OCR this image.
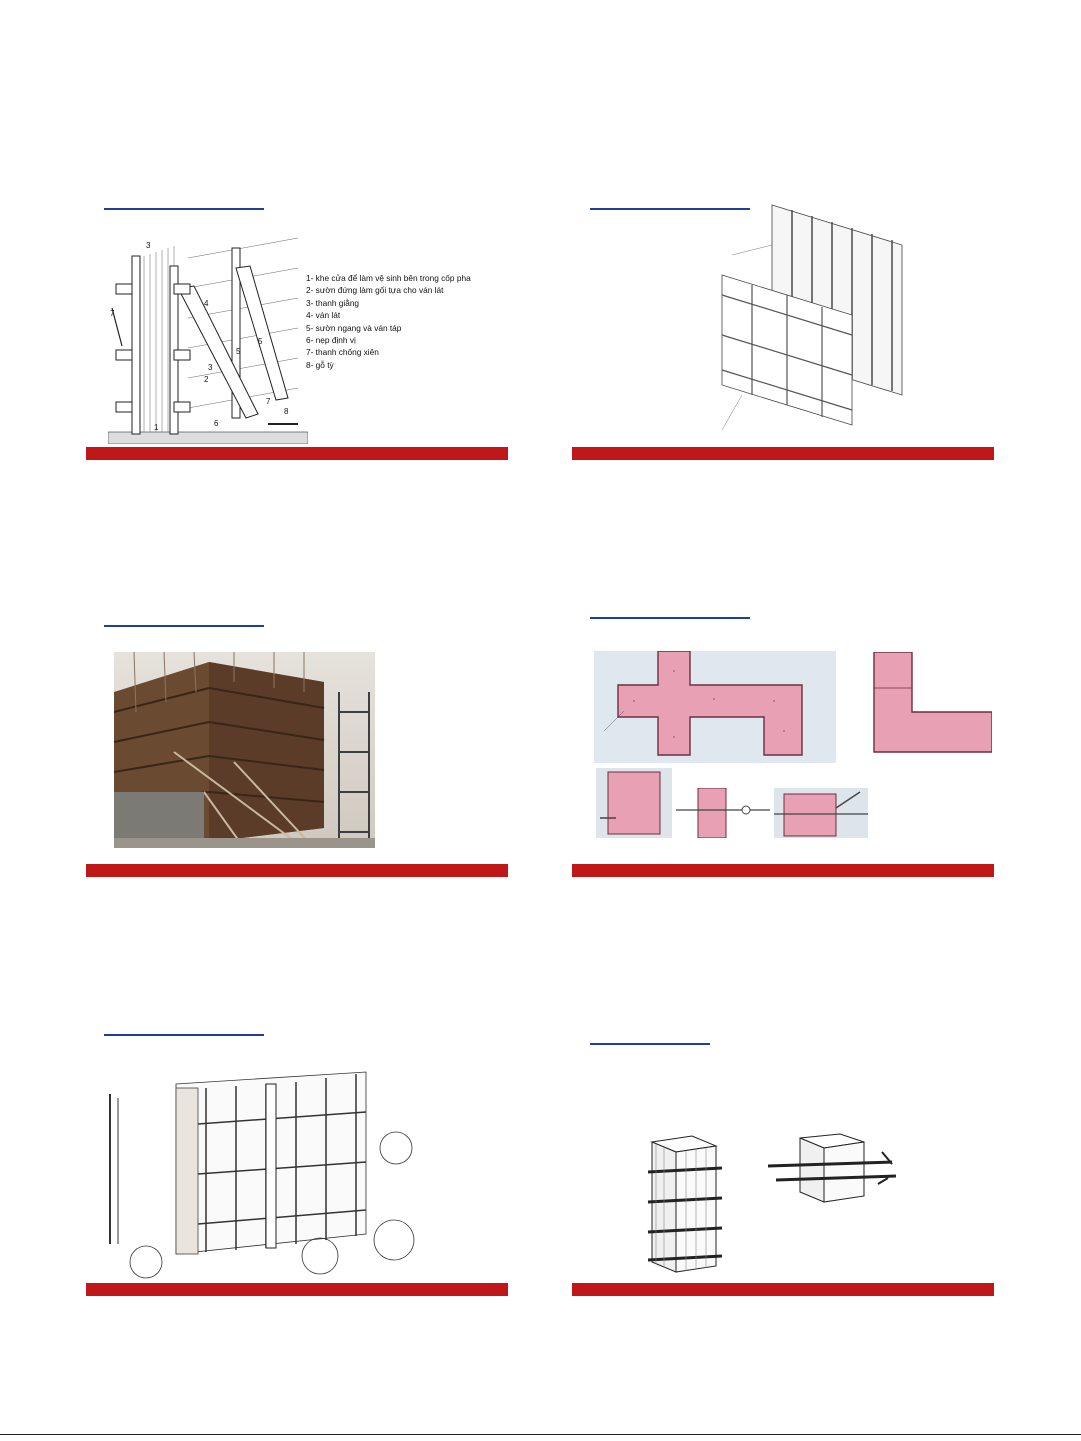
3
7
4
3
2
5
5
7
8
6
1
1- khe cửa để làm vệ sinh bên trong cốp pha
2- sườn đứng làm gối tựa cho ván lát
3- thanh giằng
4- ván lát
5- sườn ngang và ván táp
6- nẹp định vị
7- thanh chống xiên
8- gỗ tỳ
